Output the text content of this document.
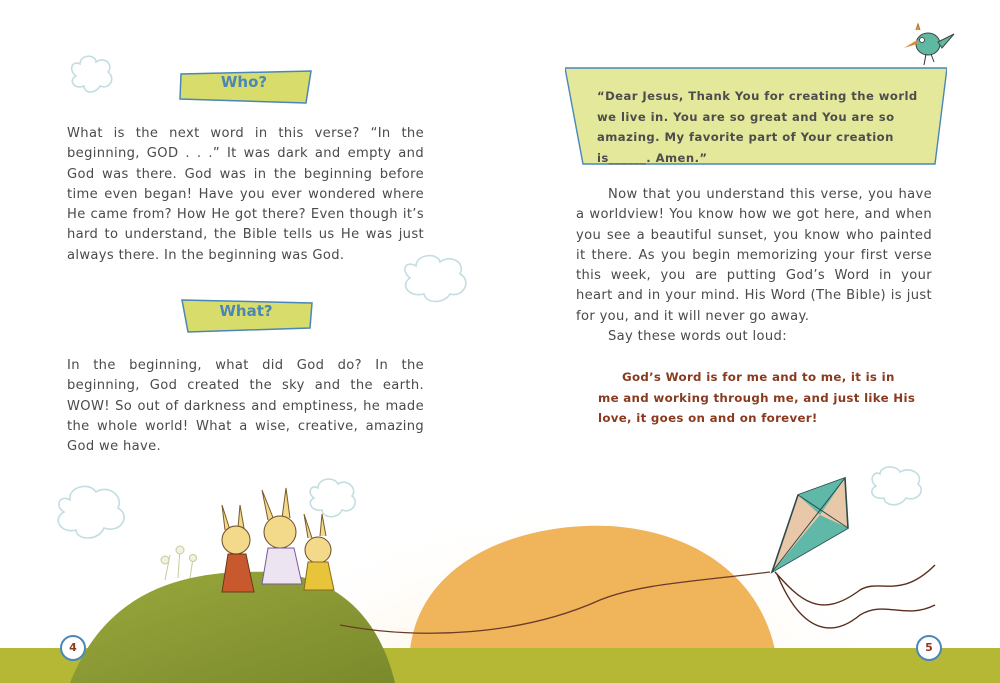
Who?

What is the next word in this verse? “In the beginning, GOD . . .” It was dark and empty and God was there. God was in the beginning before time even began! Have you ever wondered where He came from? How He got there? Even though it’s hard to understand, the Bible tells us He was just always there. In the beginning was God.

What?

In the beginning, what did God do? In the beginning, God created the sky and the earth. WOW! So out of darkness and emptiness, he made the whole world! What a wise, creative, amazing God we have.

“Dear Jesus, Thank You for creating the world we live in. You are so great and You are so amazing. My favorite part of Your creation is______. Amen.”

Now that you understand this verse, you have a worldview! You know how we got here, and when you see a beautiful sunset, you know who painted it there. As you begin memorizing your first verse this week, you are putting God’s Word in your heart and in your mind. His Word (The Bible) is just for you, and it will never go away.

Say these words out loud:

God’s Word is for me and to me, it is in me and working through me, and just like His love, it goes on and on forever!
4	5
